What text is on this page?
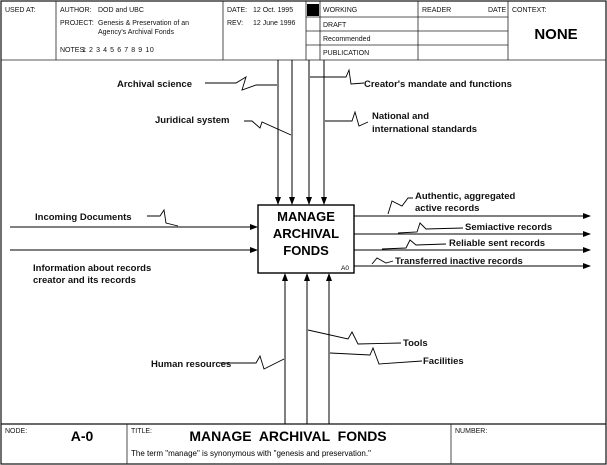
USED AT:	AUTHOR: DOD and UBC
PROJECT: Genesis & Preservation of an
Agency's Archival Fonds
NOTES:
1 2 3 4 5 6 7 8 9 10
DATE: 12 Oct. 1995
REV: 12 June 1996
WORKING
DRAFT
Recommended
PUBLICATION
READER	DATE CONTEXT:
NONE
NODE:	A-0	TITLE:	MANAGE  ARCHIVAL  FONDS
The term "manage" is synonymous with "genesis and preservation."
NUMBER:
MANAGE
ARCHIVAL
FONDS
A0
Archival science
Juridical system
Creator's mandate and functions
National and
international standards
Incoming Documents
Information about records
creator and its records
Authentic, aggregated
active records
Semiactive records
Reliable sent records
Transferred inactive records
Human resources
Tools
Facilities
